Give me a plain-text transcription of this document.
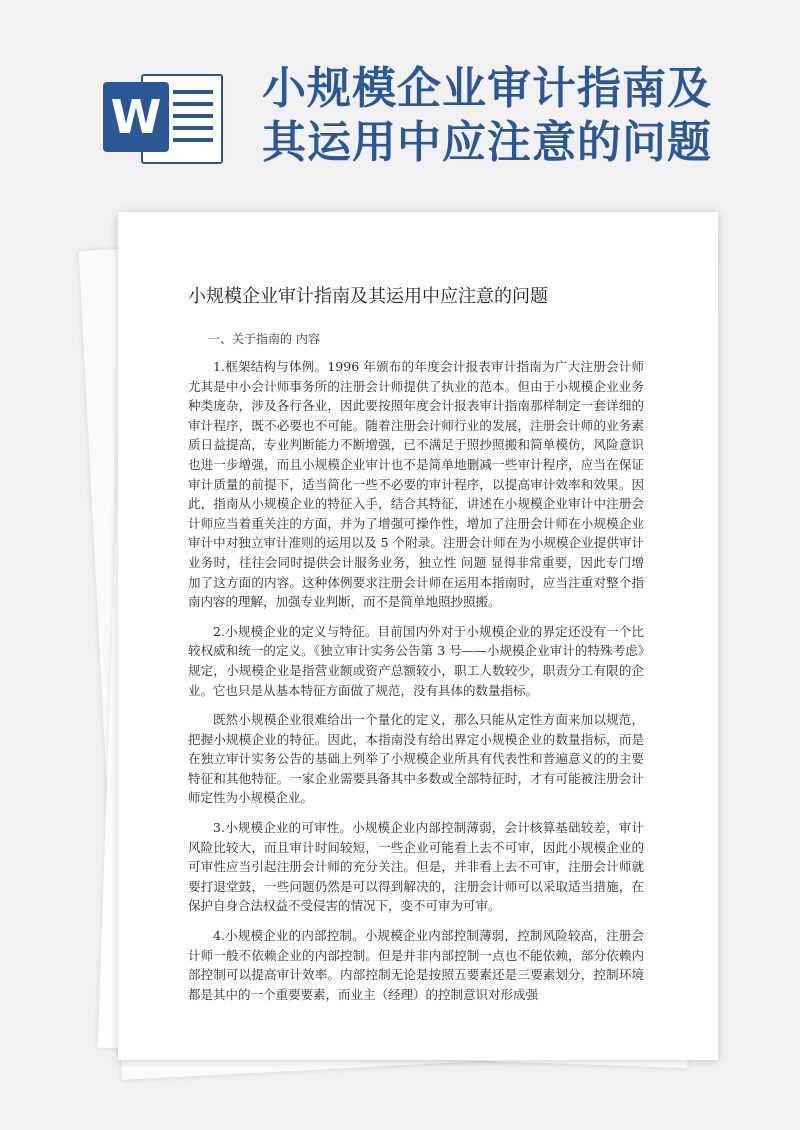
W
小规模企业审计指南及
其运用中应注意的问题
小规模企业审计指南及其运用中应注意的问题

一、关于指南的 内容

1.框架结构与体例。1996 年颁布的年度会计报表审计指南为广大注册会计师尤其是中小会计师事务所的注册会计师提供了执业的范本。但由于小规模企业业务种类庞杂，涉及各行各业，因此要按照年度会计报表审计指南那样制定一套详细的审计程序，既不必要也不可能。随着注册会计师行业的发展，注册会计师的业务素质日益提高，专业判断能力不断增强，已不满足于照抄照搬和简单模仿，风险意识也进一步增强，而且小规模企业审计也不是简单地删减一些审计程序，应当在保证审计质量的前提下，适当简化一些不必要的审计程序，以提高审计效率和效果。因此，指南从小规模企业的特征入手，结合其特征，讲述在小规模企业审计中注册会计师应当着重关注的方面，并为了增强可操作性，增加了注册会计师在小规模企业审计中对独立审计准则的运用以及 5 个附录。注册会计师在为小规模企业提供审计业务时，往往会同时提供会计服务业务，独立性 问题 显得非常重要，因此专门增加了这方面的内容。这种体例要求注册会计师在运用本指南时，应当注重对整个指南内容的理解，加强专业判断，而不是简单地照抄照搬。

2.小规模企业的定义与特征。目前国内外对于小规模企业的界定还没有一个比较权威和统一的定义。《独立审计实务公告第 3 号——小规模企业审计的特殊考虑》规定，小规模企业是指营业额或资产总额较小，职工人数较少，职责分工有限的企业。它也只是从基本特征方面做了规范，没有具体的数量指标。

既然小规模企业很难给出一个量化的定义，那么只能从定性方面来加以规范，把握小规模企业的特征。因此，本指南没有给出界定小规模企业的数量指标，而是在独立审计实务公告的基础上列举了小规模企业所具有代表性和普遍意义的的主要特征和其他特征。一家企业需要具备其中多数或全部特征时，才有可能被注册会计师定性为小规模企业。

3.小规模企业的可审性。小规模企业内部控制薄弱，会计核算基础较差，审计风险比较大，而且审计时间较短，一些企业可能看上去不可审，因此小规模企业的可审性应当引起注册会计师的充分关注。但是，并非看上去不可审，注册会计师就要打退堂鼓，一些问题仍然是可以得到解决的，注册会计师可以采取适当措施，在保护自身合法权益不受侵害的情况下，变不可审为可审。

4.小规模企业的内部控制。小规模企业内部控制薄弱，控制风险较高，注册会计师一般不依赖企业的内部控制。但是并非内部控制一点也不能依赖，部分依赖内部控制可以提高审计效率。内部控制无论是按照五要素还是三要素划分，控制环境都是其中的一个重要要素，而业主（经理）的控制意识对形成强
